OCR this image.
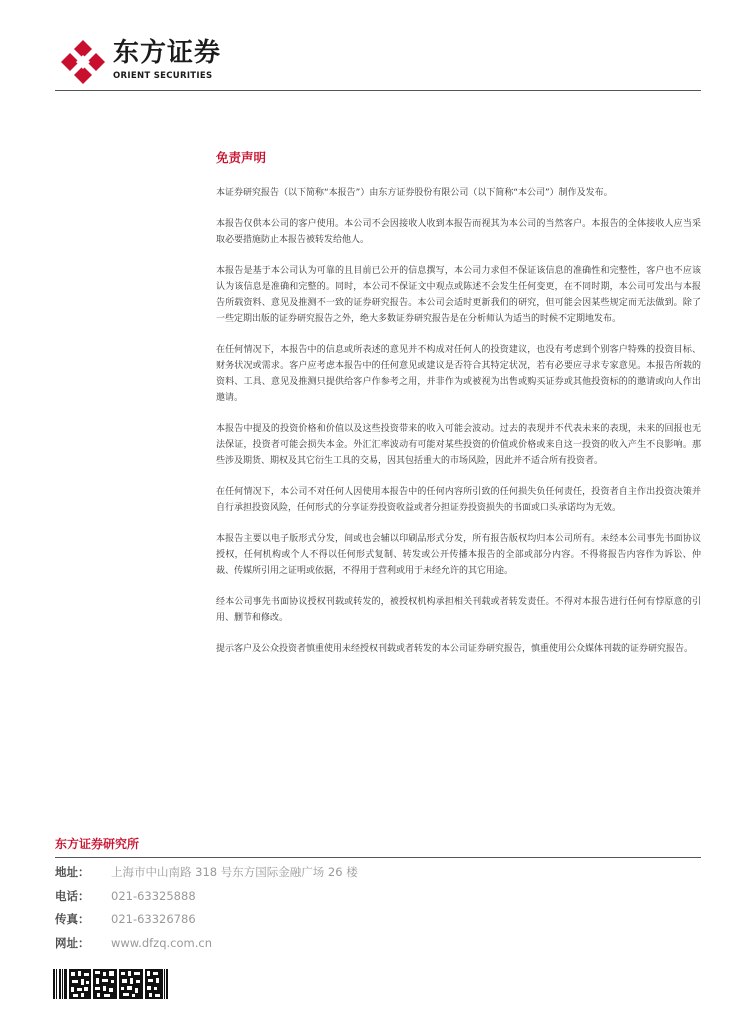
东方证券
ORIENT SECURITIES
免责声明

本证券研究报告（以下简称“本报告”）由东方证券股份有限公司（以下简称“本公司”）制作及发布。

本报告仅供本公司的客户使用。本公司不会因接收人收到本报告而视其为本公司的当然客户。本报告的全体接收人应当采取必要措施防止本报告被转发给他人。

本报告是基于本公司认为可靠的且目前已公开的信息撰写，本公司力求但不保证该信息的准确性和完整性，客户也不应该认为该信息是准确和完整的。同时，本公司不保证文中观点或陈述不会发生任何变更，在不同时期，本公司可发出与本报告所载资料、意见及推测不一致的证券研究报告。本公司会适时更新我们的研究，但可能会因某些规定而无法做到。除了一些定期出版的证券研究报告之外，绝大多数证券研究报告是在分析师认为适当的时候不定期地发布。

在任何情况下，本报告中的信息或所表述的意见并不构成对任何人的投资建议，也没有考虑到个别客户特殊的投资目标、财务状况或需求。客户应考虑本报告中的任何意见或建议是否符合其特定状况，若有必要应寻求专家意见。本报告所载的资料、工具、意见及推测只提供给客户作参考之用，并非作为或被视为出售或购买证券或其他投资标的的邀请或向人作出邀请。

本报告中提及的投资价格和价值以及这些投资带来的收入可能会波动。过去的表现并不代表未来的表现，未来的回报也无法保证，投资者可能会损失本金。外汇汇率波动有可能对某些投资的价值或价格或来自这一投资的收入产生不良影响。那些涉及期货、期权及其它衍生工具的交易，因其包括重大的市场风险，因此并不适合所有投资者。

在任何情况下，本公司不对任何人因使用本报告中的任何内容所引致的任何损失负任何责任，投资者自主作出投资决策并自行承担投资风险，任何形式的分享证券投资收益或者分担证券投资损失的书面或口头承诺均为无效。

本报告主要以电子版形式分发，间或也会辅以印刷品形式分发，所有报告版权均归本公司所有。未经本公司事先书面协议授权，任何机构或个人不得以任何形式复制、转发或公开传播本报告的全部或部分内容。不得将报告内容作为诉讼、仲裁、传媒所引用之证明或依据，不得用于营利或用于未经允许的其它用途。

经本公司事先书面协议授权刊载或转发的，被授权机构承担相关刊载或者转发责任。不得对本报告进行任何有悖原意的引用、删节和修改。

提示客户及公众投资者慎重使用未经授权刊载或者转发的本公司证券研究报告，慎重使用公众媒体刊载的证券研究报告。

东方证券研究所
地址： 上海市中山南路 318 号东方国际金融广场 26 楼
电话： 021-63325888
传真： 021-63326786
网址： www.dfzq.com.cn
